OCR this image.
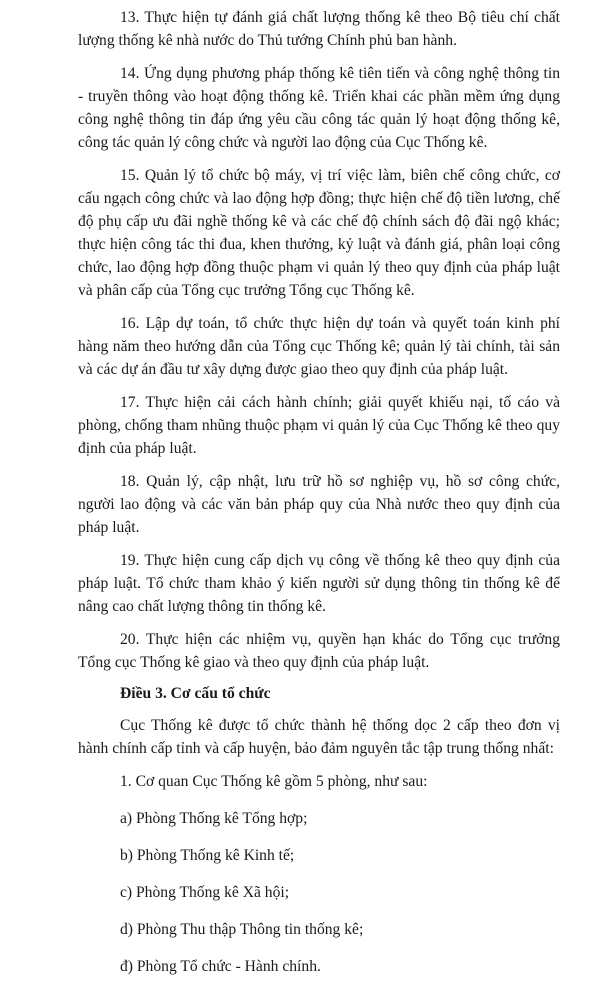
13. Thực hiện tự đánh giá chất lượng thống kê theo Bộ tiêu chí chất lượng thống kê nhà nước do Thủ tướng Chính phủ ban hành.

14. Ứng dụng phương pháp thống kê tiên tiến và công nghệ thông tin - truyền thông vào hoạt động thống kê. Triển khai các phần mềm ứng dụng công nghệ thông tin đáp ứng yêu cầu công tác quản lý hoạt động thống kê, công tác quản lý công chức và người lao động của Cục Thống kê.

15. Quản lý tổ chức bộ máy, vị trí việc làm, biên chế công chức, cơ cấu ngạch công chức và lao động hợp đồng; thực hiện chế độ tiền lương, chế độ phụ cấp ưu đãi nghề thống kê và các chế độ chính sách độ đãi ngộ khác; thực hiện công tác thi đua, khen thưởng, kỷ luật và đánh giá, phân loại công chức, lao động hợp đồng thuộc phạm vi quản lý theo quy định của pháp luật và phân cấp của Tổng cục trưởng Tổng cục Thống kê.

16. Lập dự toán, tổ chức thực hiện dự toán và quyết toán kinh phí hàng năm theo hướng dẫn của Tổng cục Thống kê; quản lý tài chính, tài sản và các dự án đầu tư xây dựng được giao theo quy định của pháp luật.

17. Thực hiện cải cách hành chính; giải quyết khiếu nại, tố cáo và phòng, chống tham nhũng thuộc phạm vi quản lý của Cục Thống kê theo quy định của pháp luật.

18. Quản lý, cập nhật, lưu trữ hồ sơ nghiệp vụ, hồ sơ công chức, người lao động và các văn bản pháp quy của Nhà nước theo quy định của pháp luật.

19. Thực hiện cung cấp dịch vụ công về thống kê theo quy định của pháp luật. Tổ chức tham khảo ý kiến người sử dụng thông tin thống kê để nâng cao chất lượng thông tin thống kê.

20. Thực hiện các nhiệm vụ, quyền hạn khác do Tổng cục trưởng Tổng cục Thống kê giao và theo quy định của pháp luật.

Điều 3. Cơ cấu tổ chức

Cục Thống kê được tổ chức thành hệ thống dọc 2 cấp theo đơn vị hành chính cấp tỉnh và cấp huyện, bảo đảm nguyên tắc tập trung thống nhất:

1. Cơ quan Cục Thống kê gồm 5 phòng, như sau:

a) Phòng Thống kê Tổng hợp;

b) Phòng Thống kê Kinh tế;

c) Phòng Thống kê Xã hội;

d) Phòng Thu thập Thông tin thống kê;

đ) Phòng Tổ chức - Hành chính.
